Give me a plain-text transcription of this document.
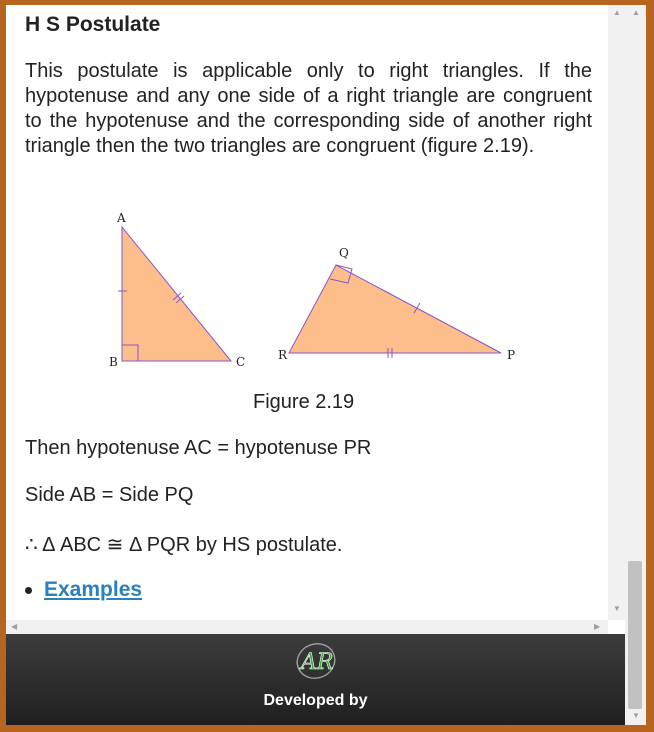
H S Postulate

This postulate is applicable only to right triangles. If the hypotenuse and any one side of a right triangle are congruent to the hypotenuse and the corresponding side of another right triangle then the two triangles are congruent (figure 2.19).

A
B	C
Q
R	P
Figure 2.19
Then hypotenuse AC = hypotenuse PR
Side AB = Side PQ
∴ Δ ABC ≅ Δ PQR by HS postulate.
Examples
▲
▼
◀	▶
▲
▼
AR
Developed by
